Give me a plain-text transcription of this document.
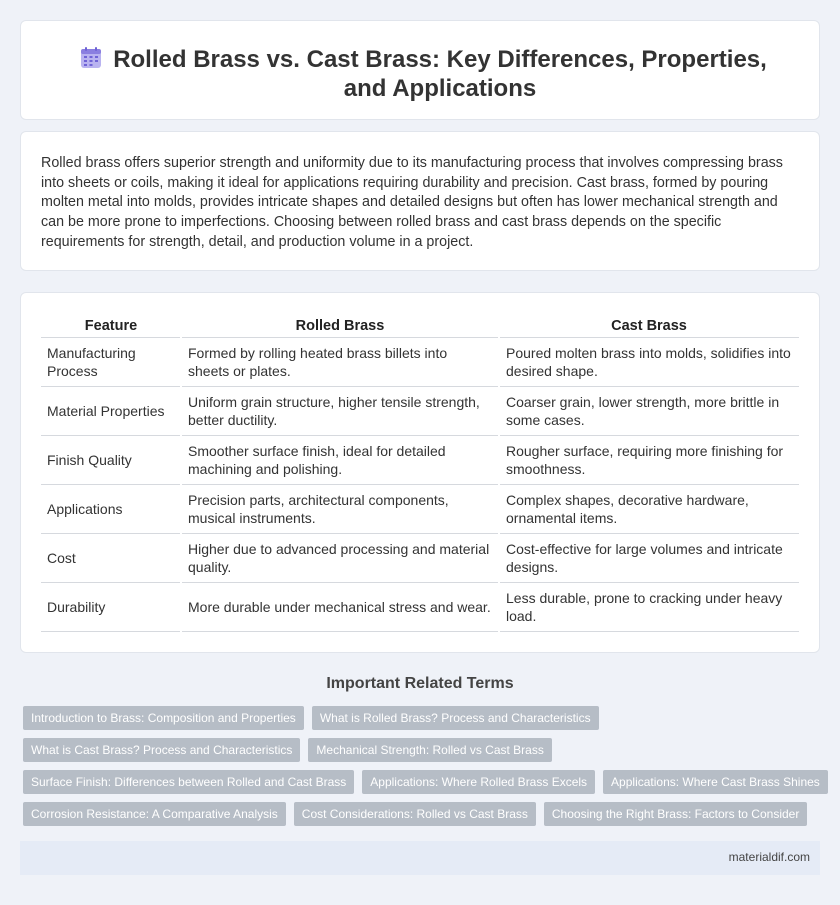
Rolled Brass vs. Cast Brass: Key Differences, Properties, and Applications

Rolled brass offers superior strength and uniformity due to its manufacturing process that involves compressing brass into sheets or coils, making it ideal for applications requiring durability and precision. Cast brass, formed by pouring molten metal into molds, provides intricate shapes and detailed designs but often has lower mechanical strength and can be more prone to imperfections. Choosing between rolled brass and cast brass depends on the specific requirements for strength, detail, and production volume in a project.

Feature	Rolled Brass	Cast Brass
Manufacturing Process	Formed by rolling heated brass billets into sheets or plates.	Poured molten brass into molds, solidifies into desired shape.
Material Properties	Uniform grain structure, higher tensile strength, better ductility.	Coarser grain, lower strength, more brittle in some cases.
Finish Quality	Smoother surface finish, ideal for detailed machining and polishing.	Rougher surface, requiring more finishing for smoothness.
Applications	Precision parts, architectural components, musical instruments.	Complex shapes, decorative hardware, ornamental items.
Cost	Higher due to advanced processing and material quality.	Cost-effective for large volumes and intricate designs.
Durability	More durable under mechanical stress and wear.	Less durable, prone to cracking under heavy load.
Important Related Terms
Introduction to Brass: Composition and Properties	What is Rolled Brass? Process and Characteristics
What is Cast Brass? Process and Characteristics	Mechanical Strength: Rolled vs Cast Brass
Surface Finish: Differences between Rolled and Cast Brass	Applications: Where Rolled Brass Excels	Applications: Where Cast Brass Shines
Corrosion Resistance: A Comparative Analysis	Cost Considerations: Rolled vs Cast Brass	Choosing the Right Brass: Factors to Consider
materialdif.com
